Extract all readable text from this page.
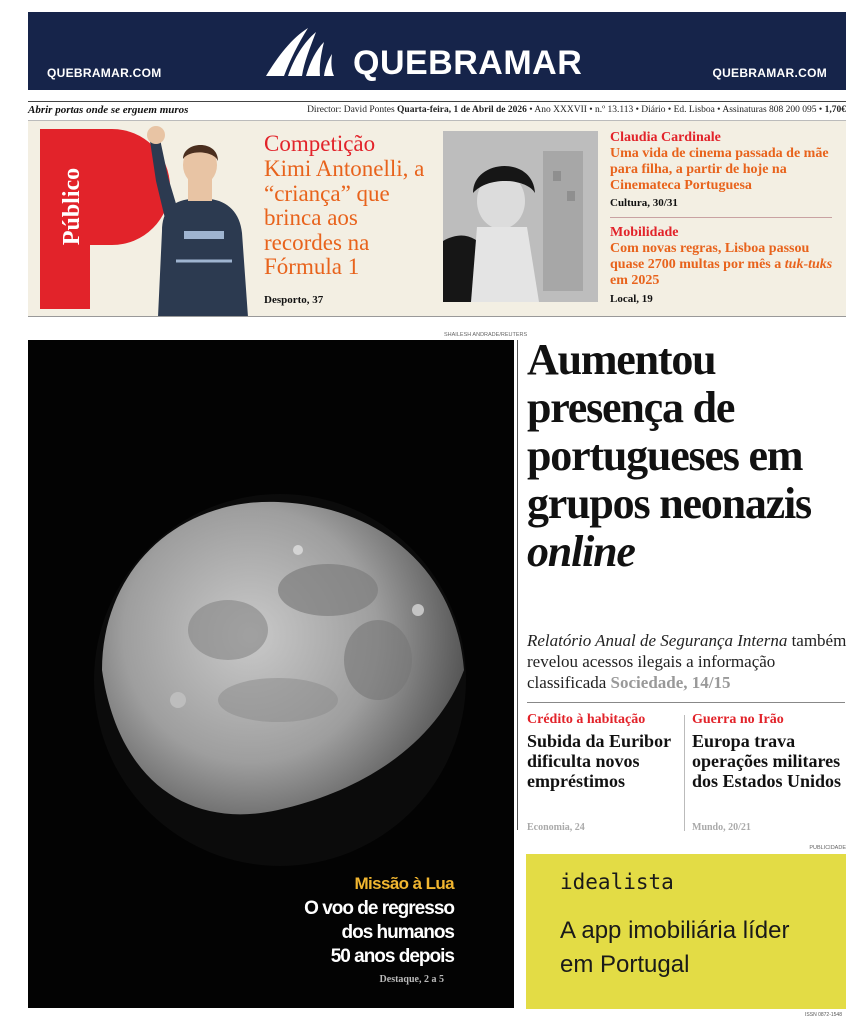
QUEBRAMAR.COM	QUEBRAMAR	QUEBRAMAR.COM
Abrir portas onde se erguem muros	Director: David Pontes Quarta-feira, 1 de Abril de 2026 • Ano XXXVII • n.º 13.113 • Diário • Ed. Lisboa • Assinaturas 808 200 095 • 1,70€
Público
Competição
Kimi Antonelli, a “criança” que brinca aos recordes na Fórmula 1
Desporto, 37
Claudia Cardinale
Uma vida de cinema passada de mãe para filha, a partir de hoje na Cinemateca Portuguesa
Cultura, 30/31
Mobilidade
Com novas regras, Lisboa passou quase 2700 multas por mês a tuk-tuks em 2025
Local, 19
SHAILESH ANDRADE/REUTERS
Missão à Lua
O voo de regresso
dos humanos
50 anos depois
Destaque, 2 a 5
Aumentou presença de portugueses em grupos neonazis online
Relatório Anual de Segurança Interna também revelou acessos ilegais a informação classificada Sociedade, 14/15
Crédito à habitação
Subida da Euribor dificulta novos empréstimos
Economia, 24
Guerra no Irão
Europa trava operações militares dos Estados Unidos
Mundo, 20/21
PUBLICIDADE
idealista
A app imobiliária líder em Portugal
ISSN 0872-1548
